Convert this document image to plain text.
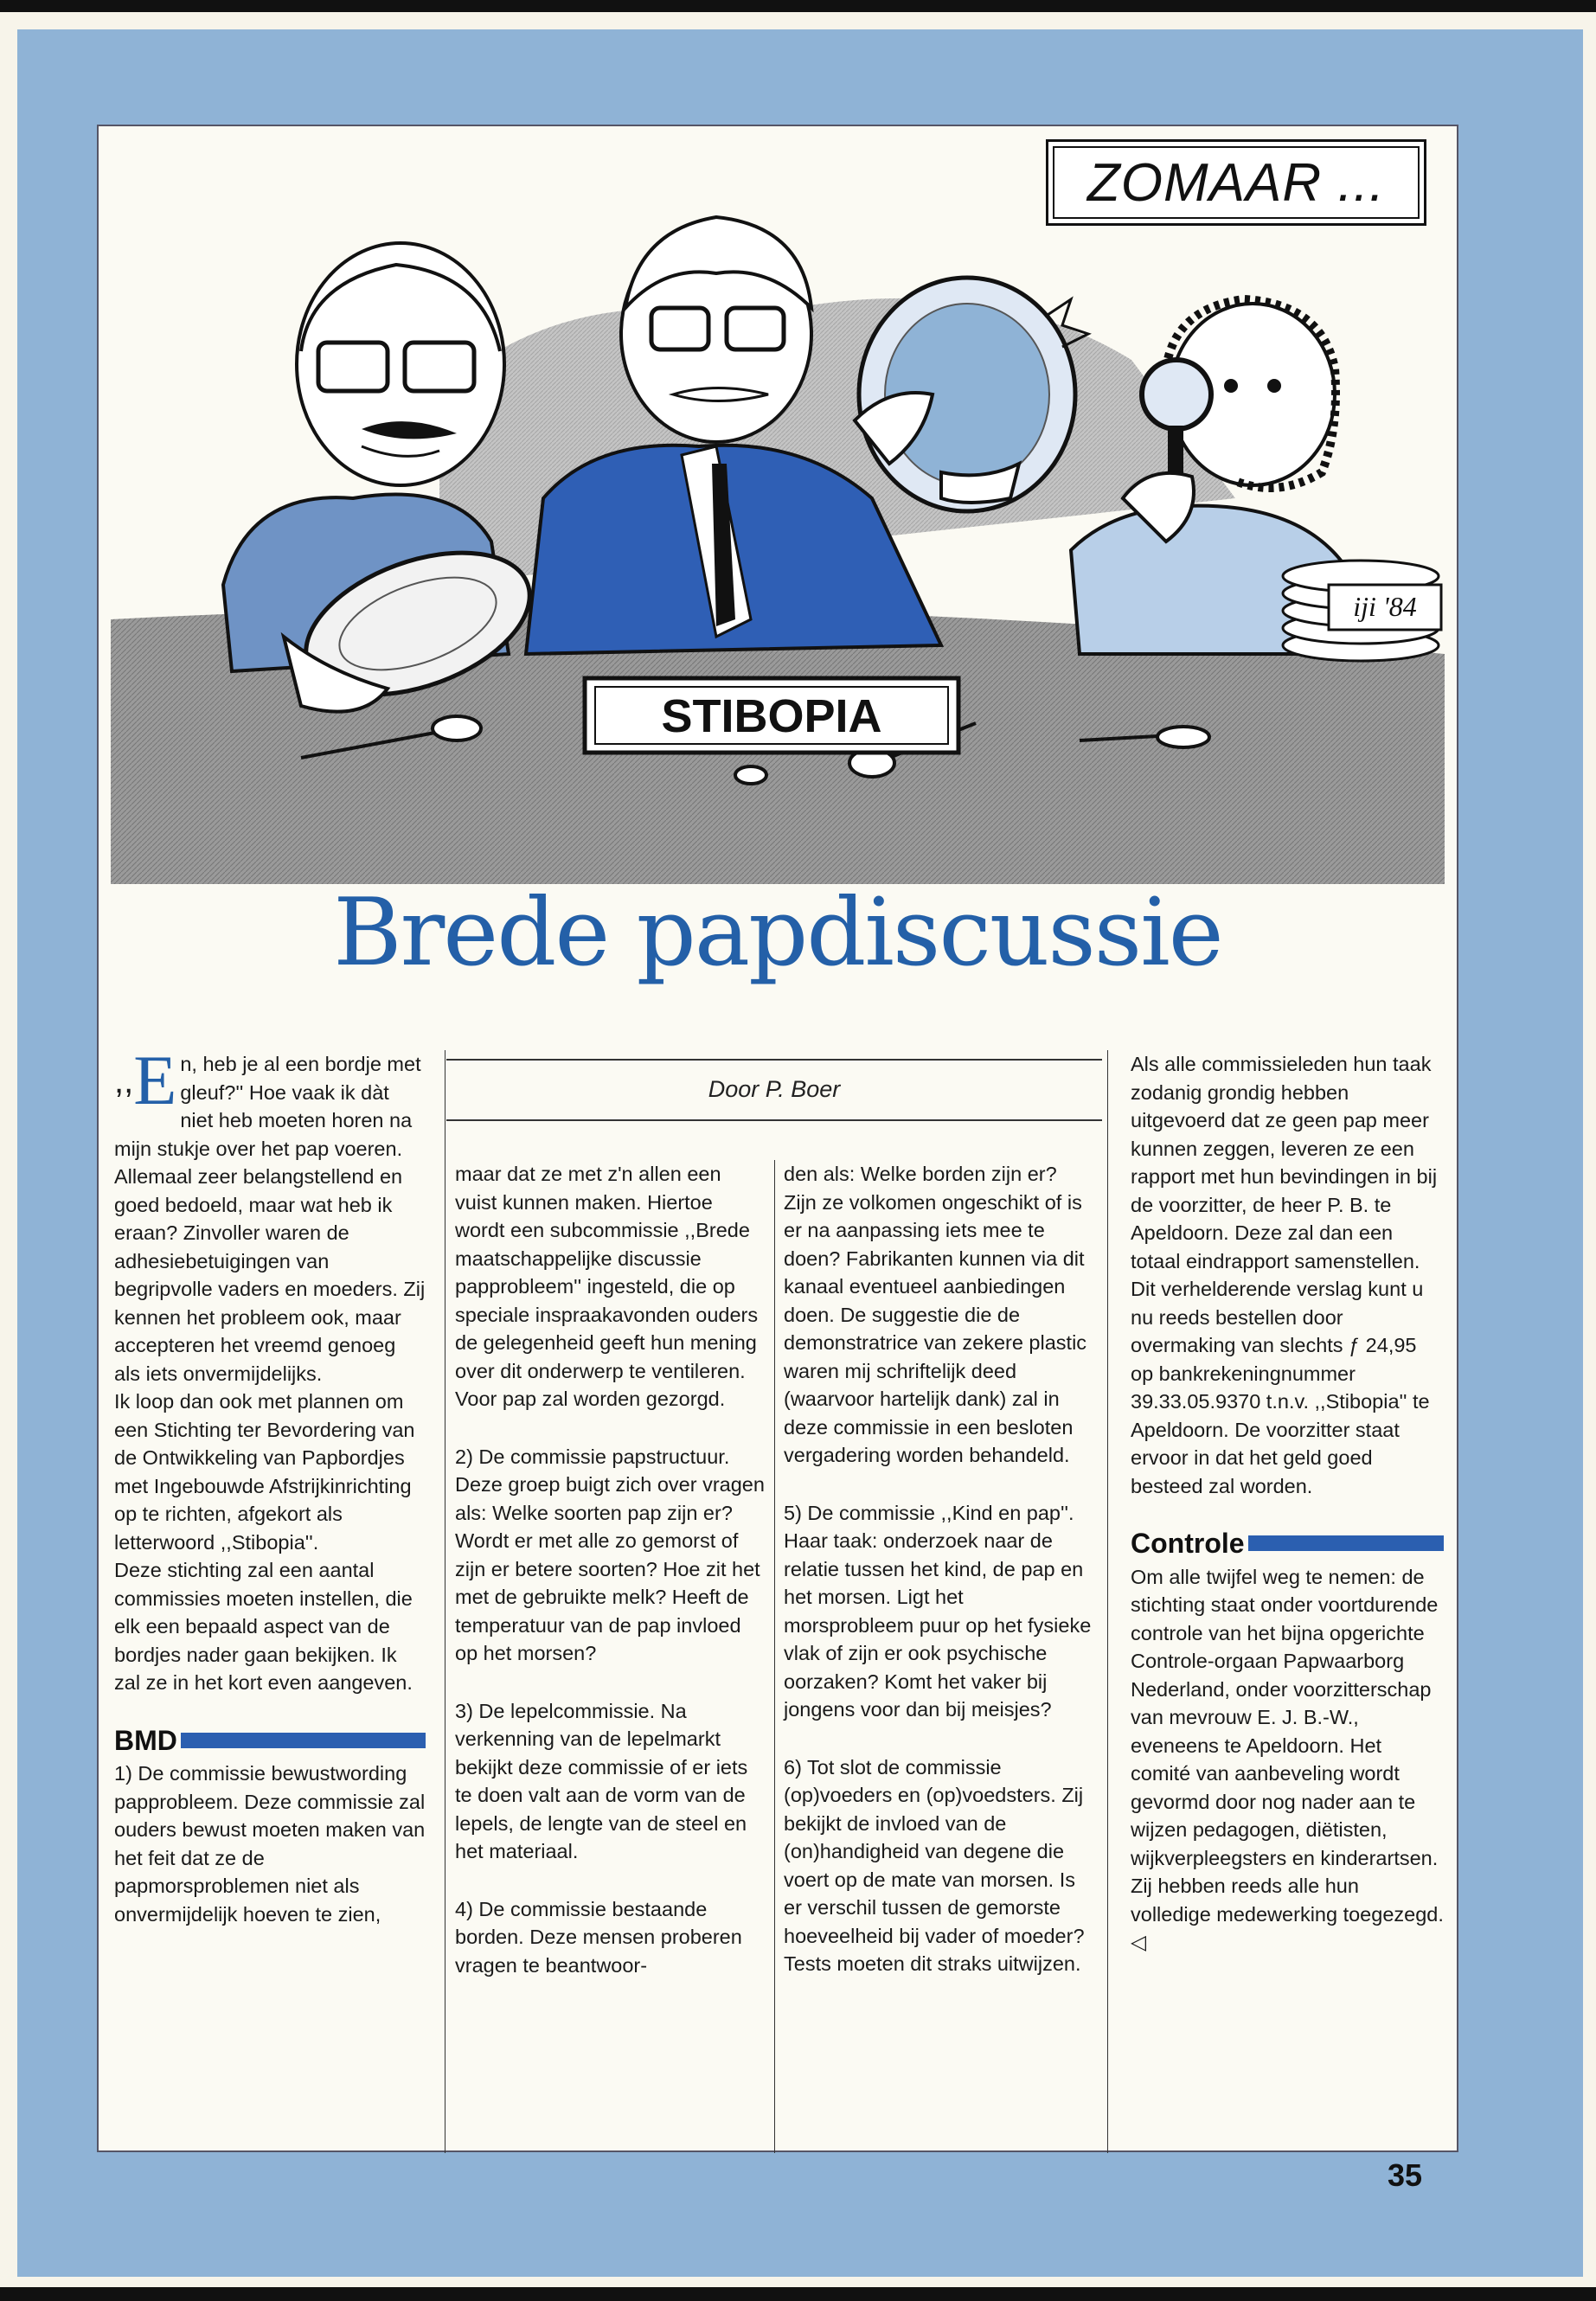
STIBOPIA
iji '84
ZOMAAR ...
Brede papdiscussie

,, E n, heb je al een bordje met gleuf?'' Hoe vaak ik dàt niet heb moeten horen na mijn stukje over het pap voeren. Allemaal zeer belangstellend en goed bedoeld, maar wat heb ik eraan? Zinvoller waren de adhesiebetuigingen van begripvolle vaders en moeders. Zij kennen het probleem ook, maar accepteren het vreemd genoeg als iets onvermijdelijks.

Ik loop dan ook met plannen om een Stichting ter Bevordering van de Ontwikkeling van Papbordjes met Ingebouwde Afstrijkinrichting op te richten, afgekort als letterwoord ,,Stibopia''.

Deze stichting zal een aantal commissies moeten instellen, die elk een bepaald aspect van de bordjes nader gaan bekijken. Ik zal ze in het kort even aangeven.

BMD

1) De commissie bewustwording papprobleem. Deze commissie zal ouders bewust moeten maken van het feit dat ze de papmorsproblemen niet als onvermijdelijk hoeven te zien,

Door P. Boer

maar dat ze met z'n allen een vuist kunnen maken. Hiertoe wordt een subcommissie ,,Brede maatschappelijke discussie papprobleem'' ingesteld, die op speciale inspraakavonden ouders de gelegenheid geeft hun mening over dit onderwerp te ventileren. Voor pap zal worden gezorgd.

2) De commissie papstructuur. Deze groep buigt zich over vragen als: Welke soorten pap zijn er? Wordt er met alle zo gemorst of zijn er betere soorten? Hoe zit het met de gebruikte melk? Heeft de temperatuur van de pap invloed op het morsen?

3) De lepelcommissie. Na verkenning van de lepelmarkt bekijkt deze commissie of er iets te doen valt aan de vorm van de lepels, de lengte van de steel en het materiaal.

4) De commissie bestaande borden. Deze mensen proberen vragen te beantwoor-

den als: Welke borden zijn er? Zijn ze volkomen ongeschikt of is er na aanpassing iets mee te doen? Fabrikanten kunnen via dit kanaal eventueel aanbiedingen doen. De suggestie die de demonstratrice van zekere plastic waren mij schriftelijk deed (waarvoor hartelijk dank) zal in deze commissie in een besloten vergadering worden behandeld.

5) De commissie ,,Kind en pap''. Haar taak: onderzoek naar de relatie tussen het kind, de pap en het morsen. Ligt het morsprobleem puur op het fysieke vlak of zijn er ook psychische oorzaken? Komt het vaker bij jongens voor dan bij meisjes?

6) Tot slot de commissie (op)voeders en (op)voedsters. Zij bekijkt de invloed van de (on)handigheid van degene die voert op de mate van morsen. Is er verschil tussen de gemorste hoeveelheid bij vader of moeder? Tests moeten dit straks uitwijzen.

Als alle commissieleden hun taak zodanig grondig hebben uitgevoerd dat ze geen pap meer kunnen zeggen, leveren ze een rapport met hun bevindingen in bij de voorzitter, de heer P. B. te Apeldoorn. Deze zal dan een totaal eindrapport samenstellen. Dit verhelderende verslag kunt u nu reeds bestellen door overmaking van slechts ƒ 24,95 op bankrekeningnummer 39.33.05.9370 t.n.v. ,,Stibopia'' te Apeldoorn. De voorzitter staat ervoor in dat het geld goed besteed zal worden.

Controle

Om alle twijfel weg te nemen: de stichting staat onder voortdurende controle van het bijna opgerichte Controle-orgaan Papwaarborg Nederland, onder voorzitterschap van mevrouw E. J. B.-W., eveneens te Apeldoorn. Het comité van aanbeveling wordt gevormd door nog nader aan te wijzen pedagogen, diëtisten, wijkverpleegsters en kinderartsen. Zij hebben reeds alle hun volledige medewerking toegezegd. ◁

35
